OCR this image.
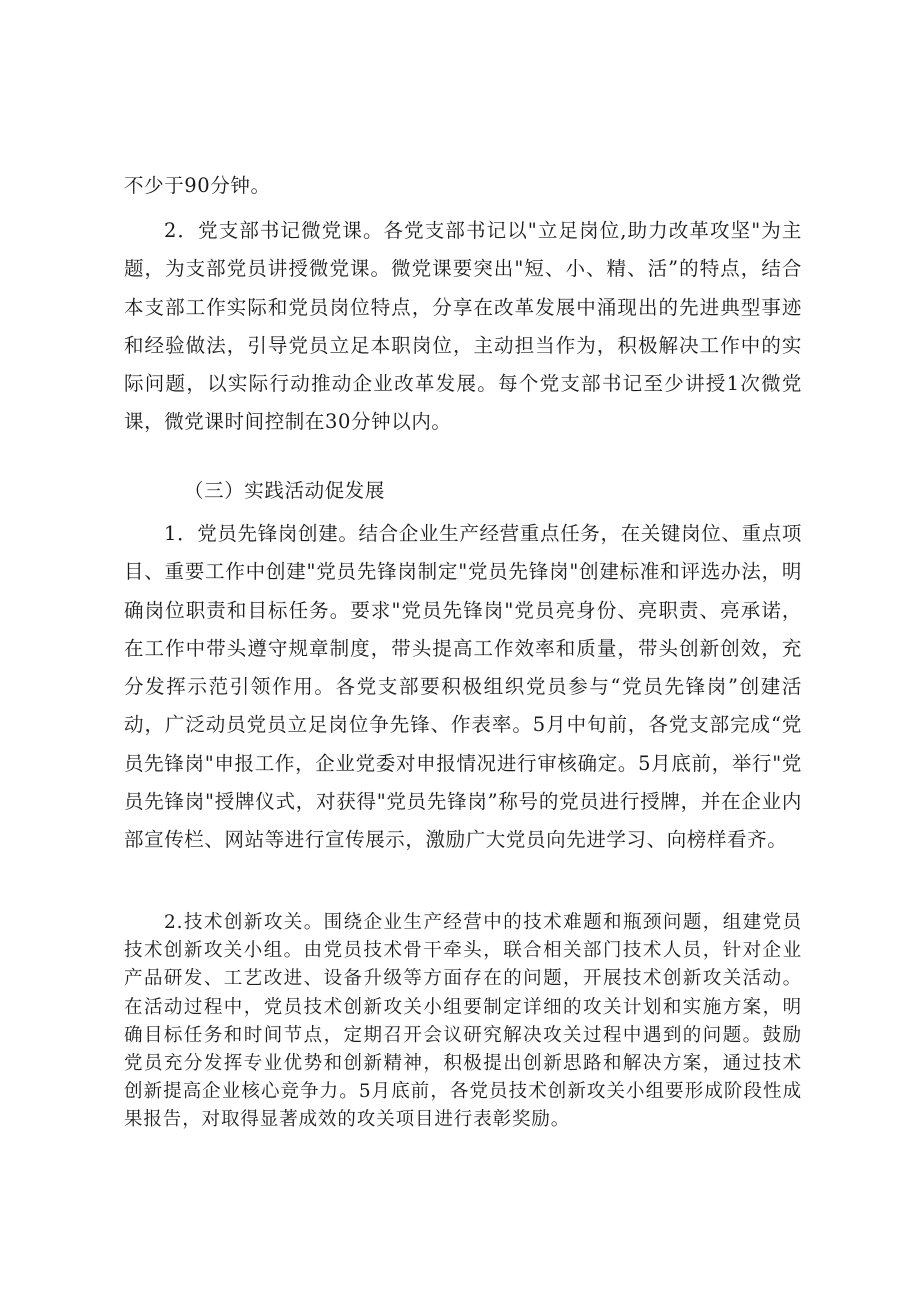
不少于90分钟。

2．党支部书记微党课。各党支部书记以"立足岗位,助力改革攻坚"为主题，为支部党员讲授微党课。微党课要突出"短、小、精、活”的特点，结合本支部工作实际和党员岗位特点，分享在改革发展中涌现出的先进典型事迹和经验做法，引导党员立足本职岗位，主动担当作为，积极解决工作中的实际问题，以实际行动推动企业改革发展。每个党支部书记至少讲授1次微党课，微党课时间控制在30分钟以内。

（三）实践活动促发展

1．党员先锋岗创建。结合企业生产经营重点任务，在关键岗位、重点项目、重要工作中创建"党员先锋岗制定"党员先锋岗"创建标准和评选办法，明确岗位职责和目标任务。要求"党员先锋岗"党员亮身份、亮职责、亮承诺，在工作中带头遵守规章制度，带头提高工作效率和质量，带头创新创效，充分发挥示范引领作用。各党支部要积极组织党员参与“党员先锋岗”创建活动，广泛动员党员立足岗位争先锋、作表率。5月中旬前，各党支部完成“党员先锋岗"申报工作，企业党委对申报情况进行审核确定。5月底前，举行"党员先锋岗"授牌仪式，对获得"党员先锋岗”称号的党员进行授牌，并在企业内部宣传栏、网站等进行宣传展示，激励广大党员向先进学习、向榜样看齐。

2.技术创新攻关。围绕企业生产经营中的技术难题和瓶颈问题，组建党员技术创新攻关小组。由党员技术骨干牵头，联合相关部门技术人员，针对企业产品研发、工艺改进、设备升级等方面存在的问题，开展技术创新攻关活动。在活动过程中，党员技术创新攻关小组要制定详细的攻关计划和实施方案，明确目标任务和时间节点，定期召开会议研究解决攻关过程中遇到的问题。鼓励党员充分发挥专业优势和创新精神，积极提出创新思路和解决方案，通过技术创新提高企业核心竞争力。5月底前，各党员技术创新攻关小组要形成阶段性成果报告，对取得显著成效的攻关项目进行表彰奖励。
